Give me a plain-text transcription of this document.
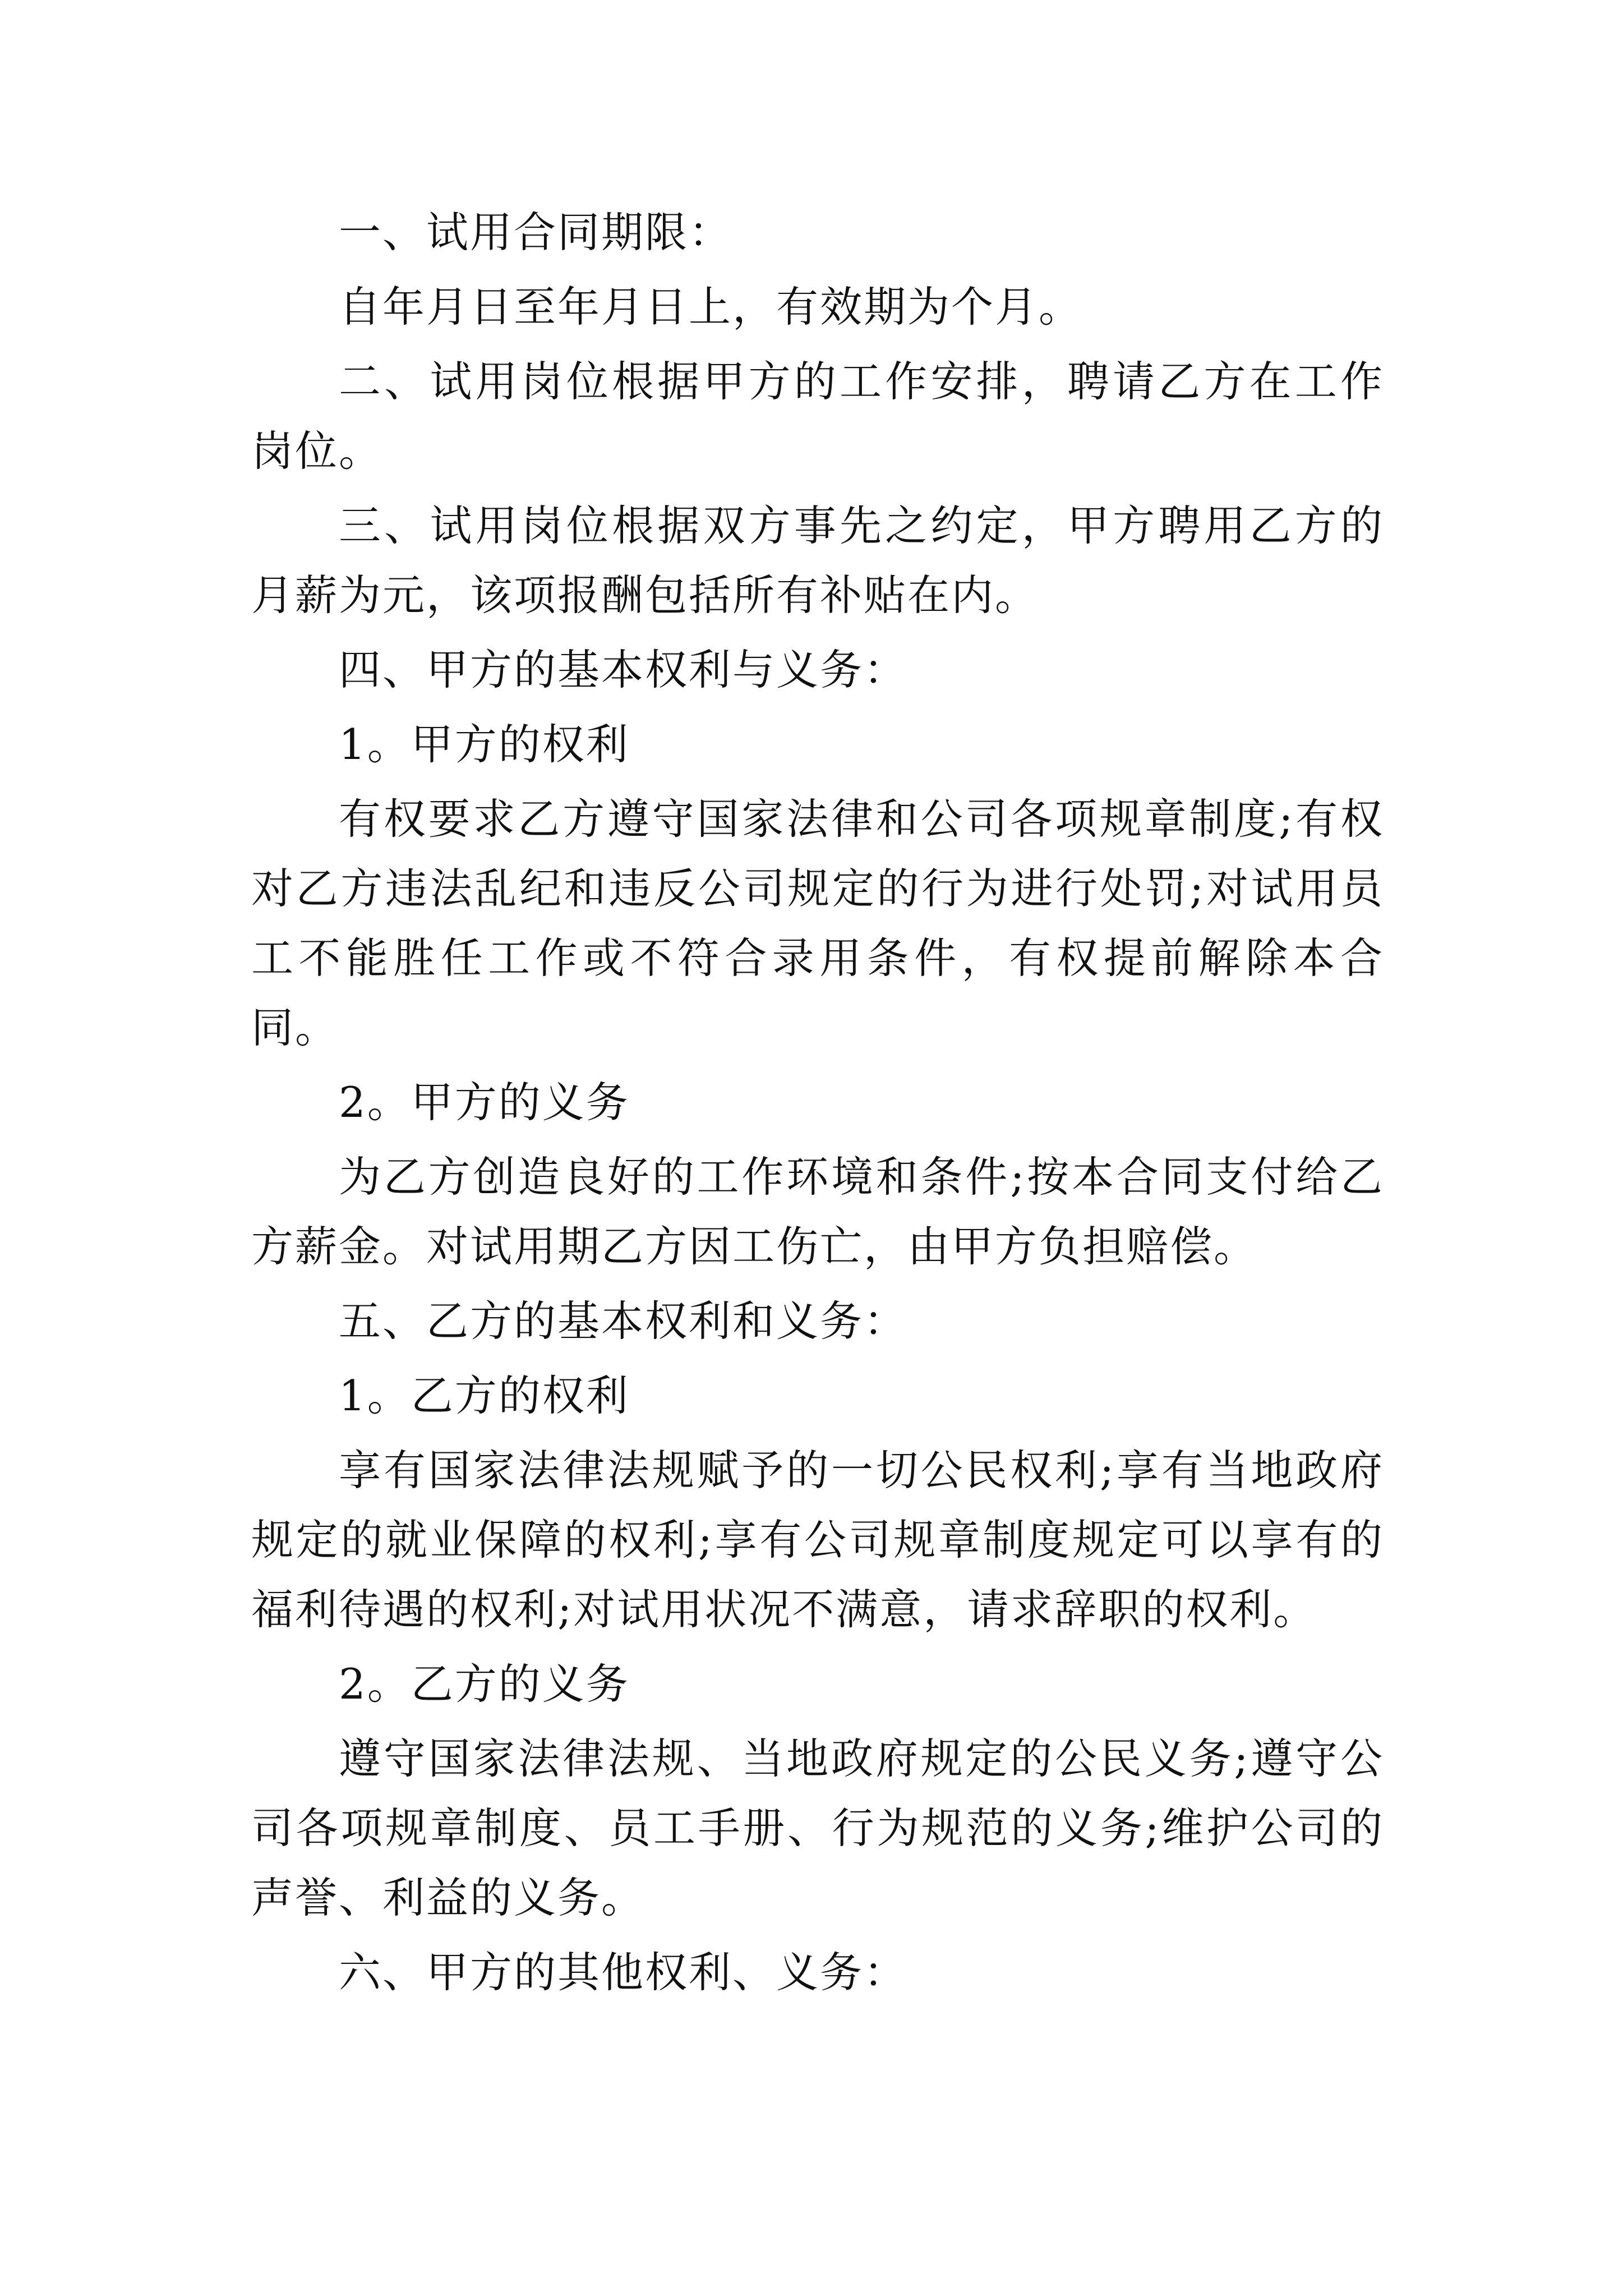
一、试用合同期限：

自年月日至年月日上，有效期为个月。

二、试用岗位根据甲方的工作安排，聘请乙方在工作岗位。

三、试用岗位根据双方事先之约定，甲方聘用乙方的月薪为元，该项报酬包括所有补贴在内。

四、甲方的基本权利与义务：

1。甲方的权利

有权要求乙方遵守国家法律和公司各项规章制度;有权对乙方违法乱纪和违反公司规定的行为进行处罚;对试用员工不能胜任工作或不符合录用条件，有权提前解除本合同。

2。甲方的义务

为乙方创造良好的工作环境和条件;按本合同支付给乙方薪金。对试用期乙方因工伤亡，由甲方负担赔偿。

五、乙方的基本权利和义务：

1。乙方的权利

享有国家法律法规赋予的一切公民权利;享有当地政府规定的就业保障的权利;享有公司规章制度规定可以享有的福利待遇的权利;对试用状况不满意，请求辞职的权利。

2。乙方的义务

遵守国家法律法规、当地政府规定的公民义务;遵守公司各项规章制度、员工手册、行为规范的义务;维护公司的声誉、利益的义务。

六、甲方的其他权利、义务：
